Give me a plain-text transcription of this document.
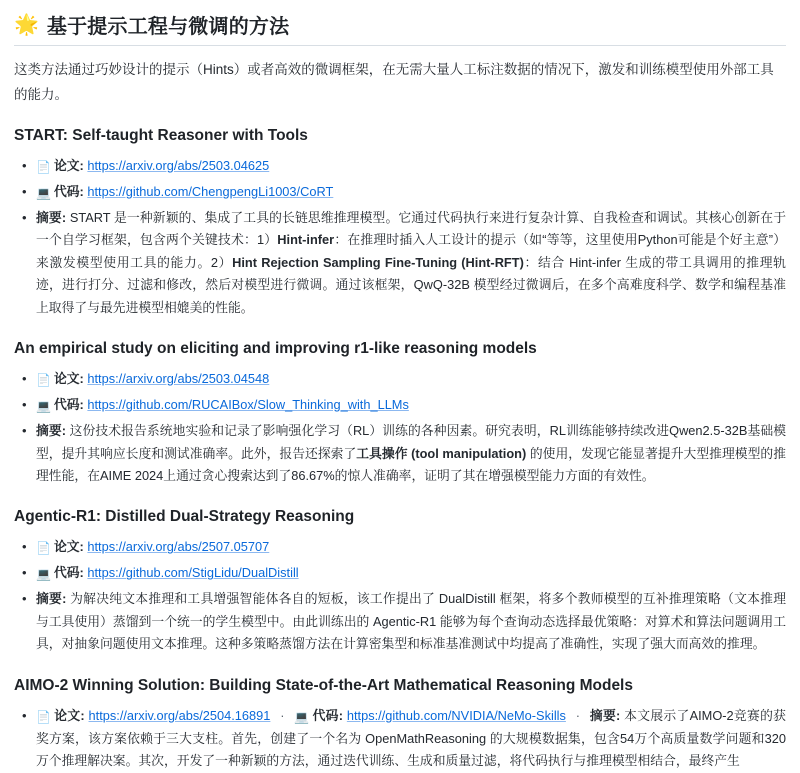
🌟 基于提示工程与微调的方法

这类方法通过巧妙设计的提示（Hints）或者高效的微调框架，在无需大量人工标注数据的情况下，激发和训练模型使用外部工具的能力。

START: Self-taught Reasoner with Tools
• 📄 论文: https://arxiv.org/abs/2503.04625
• 💻 代码: https://github.com/ChengpengLi1003/CoRT
• 摘要: START 是一种新颖的、集成了工具的长链思维推理模型。它通过代码执行来进行复杂计算、自我检查和调试。其核心创新在于一个自学习框架，包含两个关键技术：1）Hint-infer：在推理时插入人工设计的提示（如“等等，这里使用Python可能是个好主意”）来激发模型使用工具的能力。2）Hint Rejection Sampling Fine-Tuning (Hint-RFT)：结合 Hint-infer 生成的带工具调用的推理轨迹，进行打分、过滤和修改，然后对模型进行微调。通过该框架，QwQ-32B 模型经过微调后，在多个高难度科学、数学和编程基准上取得了与最先进模型相媲美的性能。
An empirical study on eliciting and improving r1-like reasoning models
• 📄 论文: https://arxiv.org/abs/2503.04548
• 💻 代码: https://github.com/RUCAIBox/Slow_Thinking_with_LLMs
• 摘要: 这份技术报告系统地实验和记录了影响强化学习（RL）训练的各种因素。研究表明，RL训练能够持续改进Qwen2.5-32B基础模型，提升其响应长度和测试准确率。此外，报告还探索了工具操作 (tool manipulation) 的使用，发现它能显著提升大型推理模型的推理性能，在AIME 2024上通过贪心搜索达到了86.67%的惊人准确率，证明了其在增强模型能力方面的有效性。
Agentic-R1: Distilled Dual-Strategy Reasoning
• 📄 论文: https://arxiv.org/abs/2507.05707
• 💻 代码: https://github.com/StigLidu/DualDistill
• 摘要: 为解决纯文本推理和工具增强智能体各自的短板，该工作提出了 DualDistill 框架，将多个教师模型的互补推理策略（文本推理与工具使用）蒸馏到一个统一的学生模型中。由此训练出的 Agentic-R1 能够为每个查询动态选择最优策略：对算术和算法问题调用工具，对抽象问题使用文本推理。这种多策略蒸馏方法在计算密集型和标准基准测试中均提高了准确性，实现了强大而高效的推理。
AIMO-2 Winning Solution: Building State-of-the-Art Mathematical Reasoning Models
• 📄 论文: https://arxiv.org/abs/2504.16891 · 💻 代码: https://github.com/NVIDIA/NeMo-Skills · 摘要: 本文展示了AIMO-2竞赛的获奖方案，该方案依赖于三大支柱。首先，创建了一个名为 OpenMathReasoning 的大规模数据集，包含54万个高质量数学问题和320万个推理解决案。其次，开发了一种新颖的方法，通过迭代训练、生成和质量过滤，将代码执行与推理模型相结合，最终产生
